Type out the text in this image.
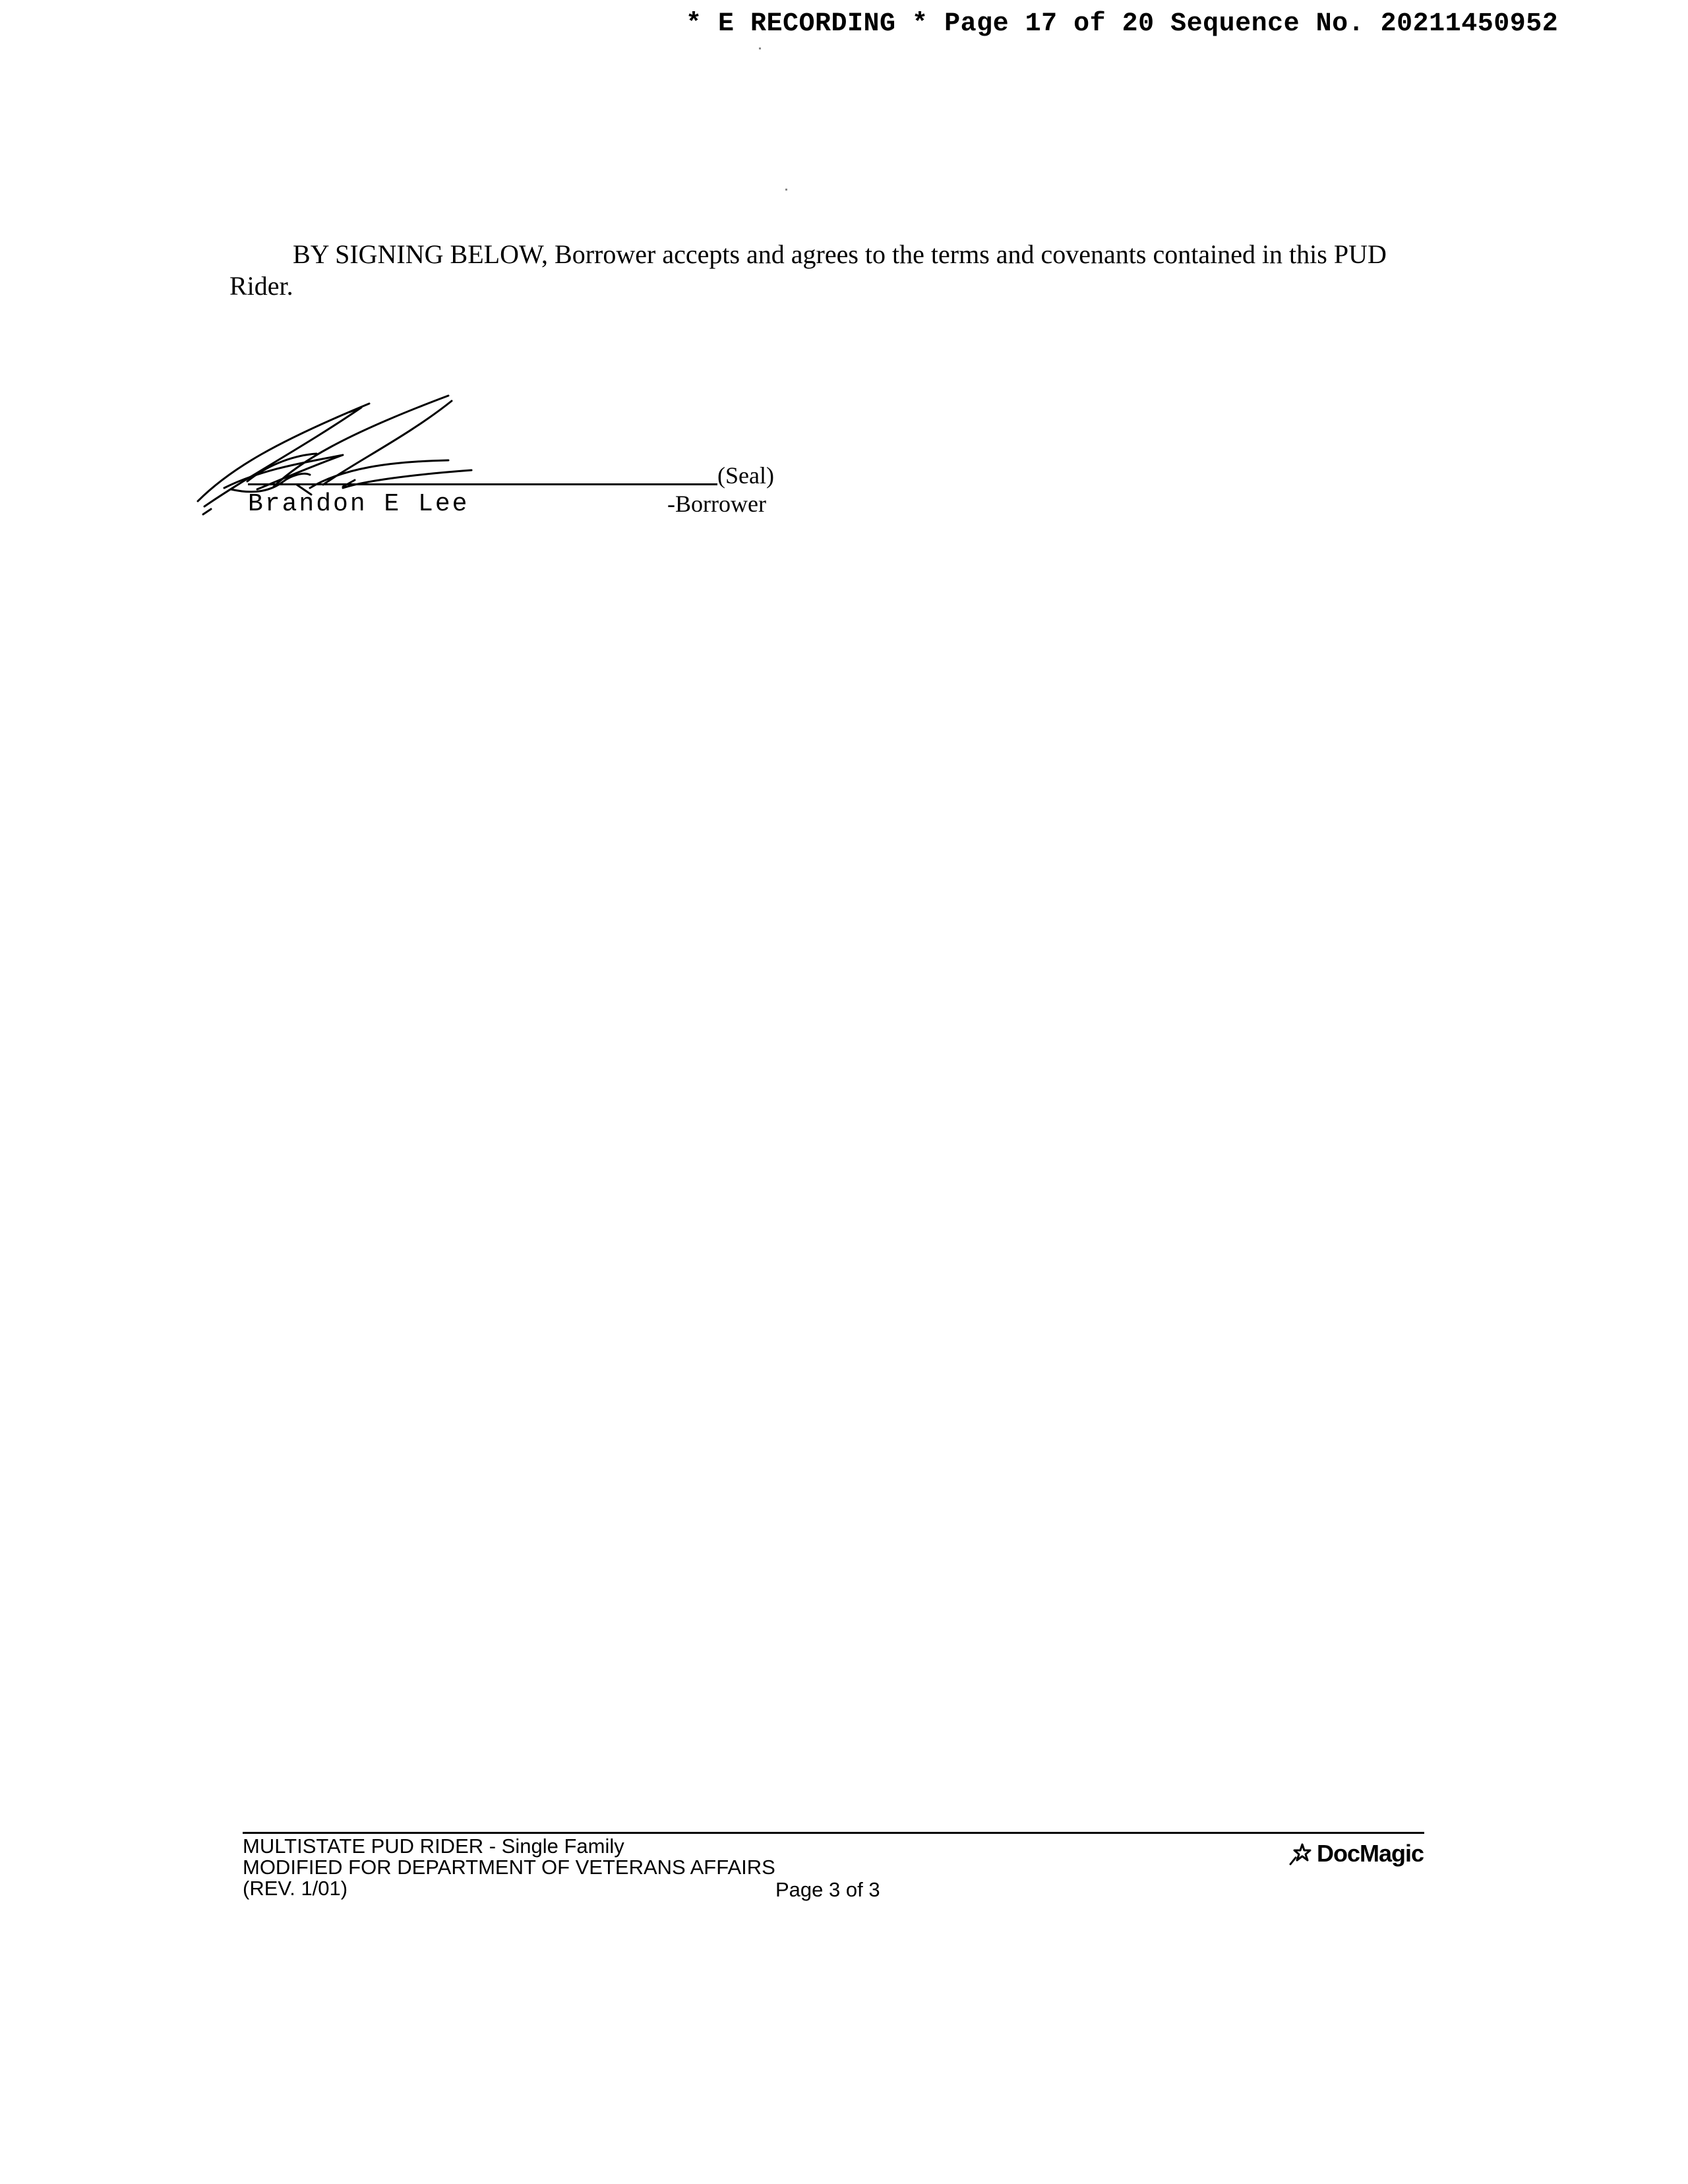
* E RECORDING * Page 17 of 20 Sequence No. 20211450952
BY SIGNING BELOW, Borrower accepts and agrees to the terms and covenants contained in this PUD Rider.
(Seal)
Brandon E Lee	-Borrower
MULTISTATE PUD RIDER - Single Family
MODIFIED FOR DEPARTMENT OF VETERANS AFFAIRS
(REV. 1/01)	Page 3 of 3
DocMagic
